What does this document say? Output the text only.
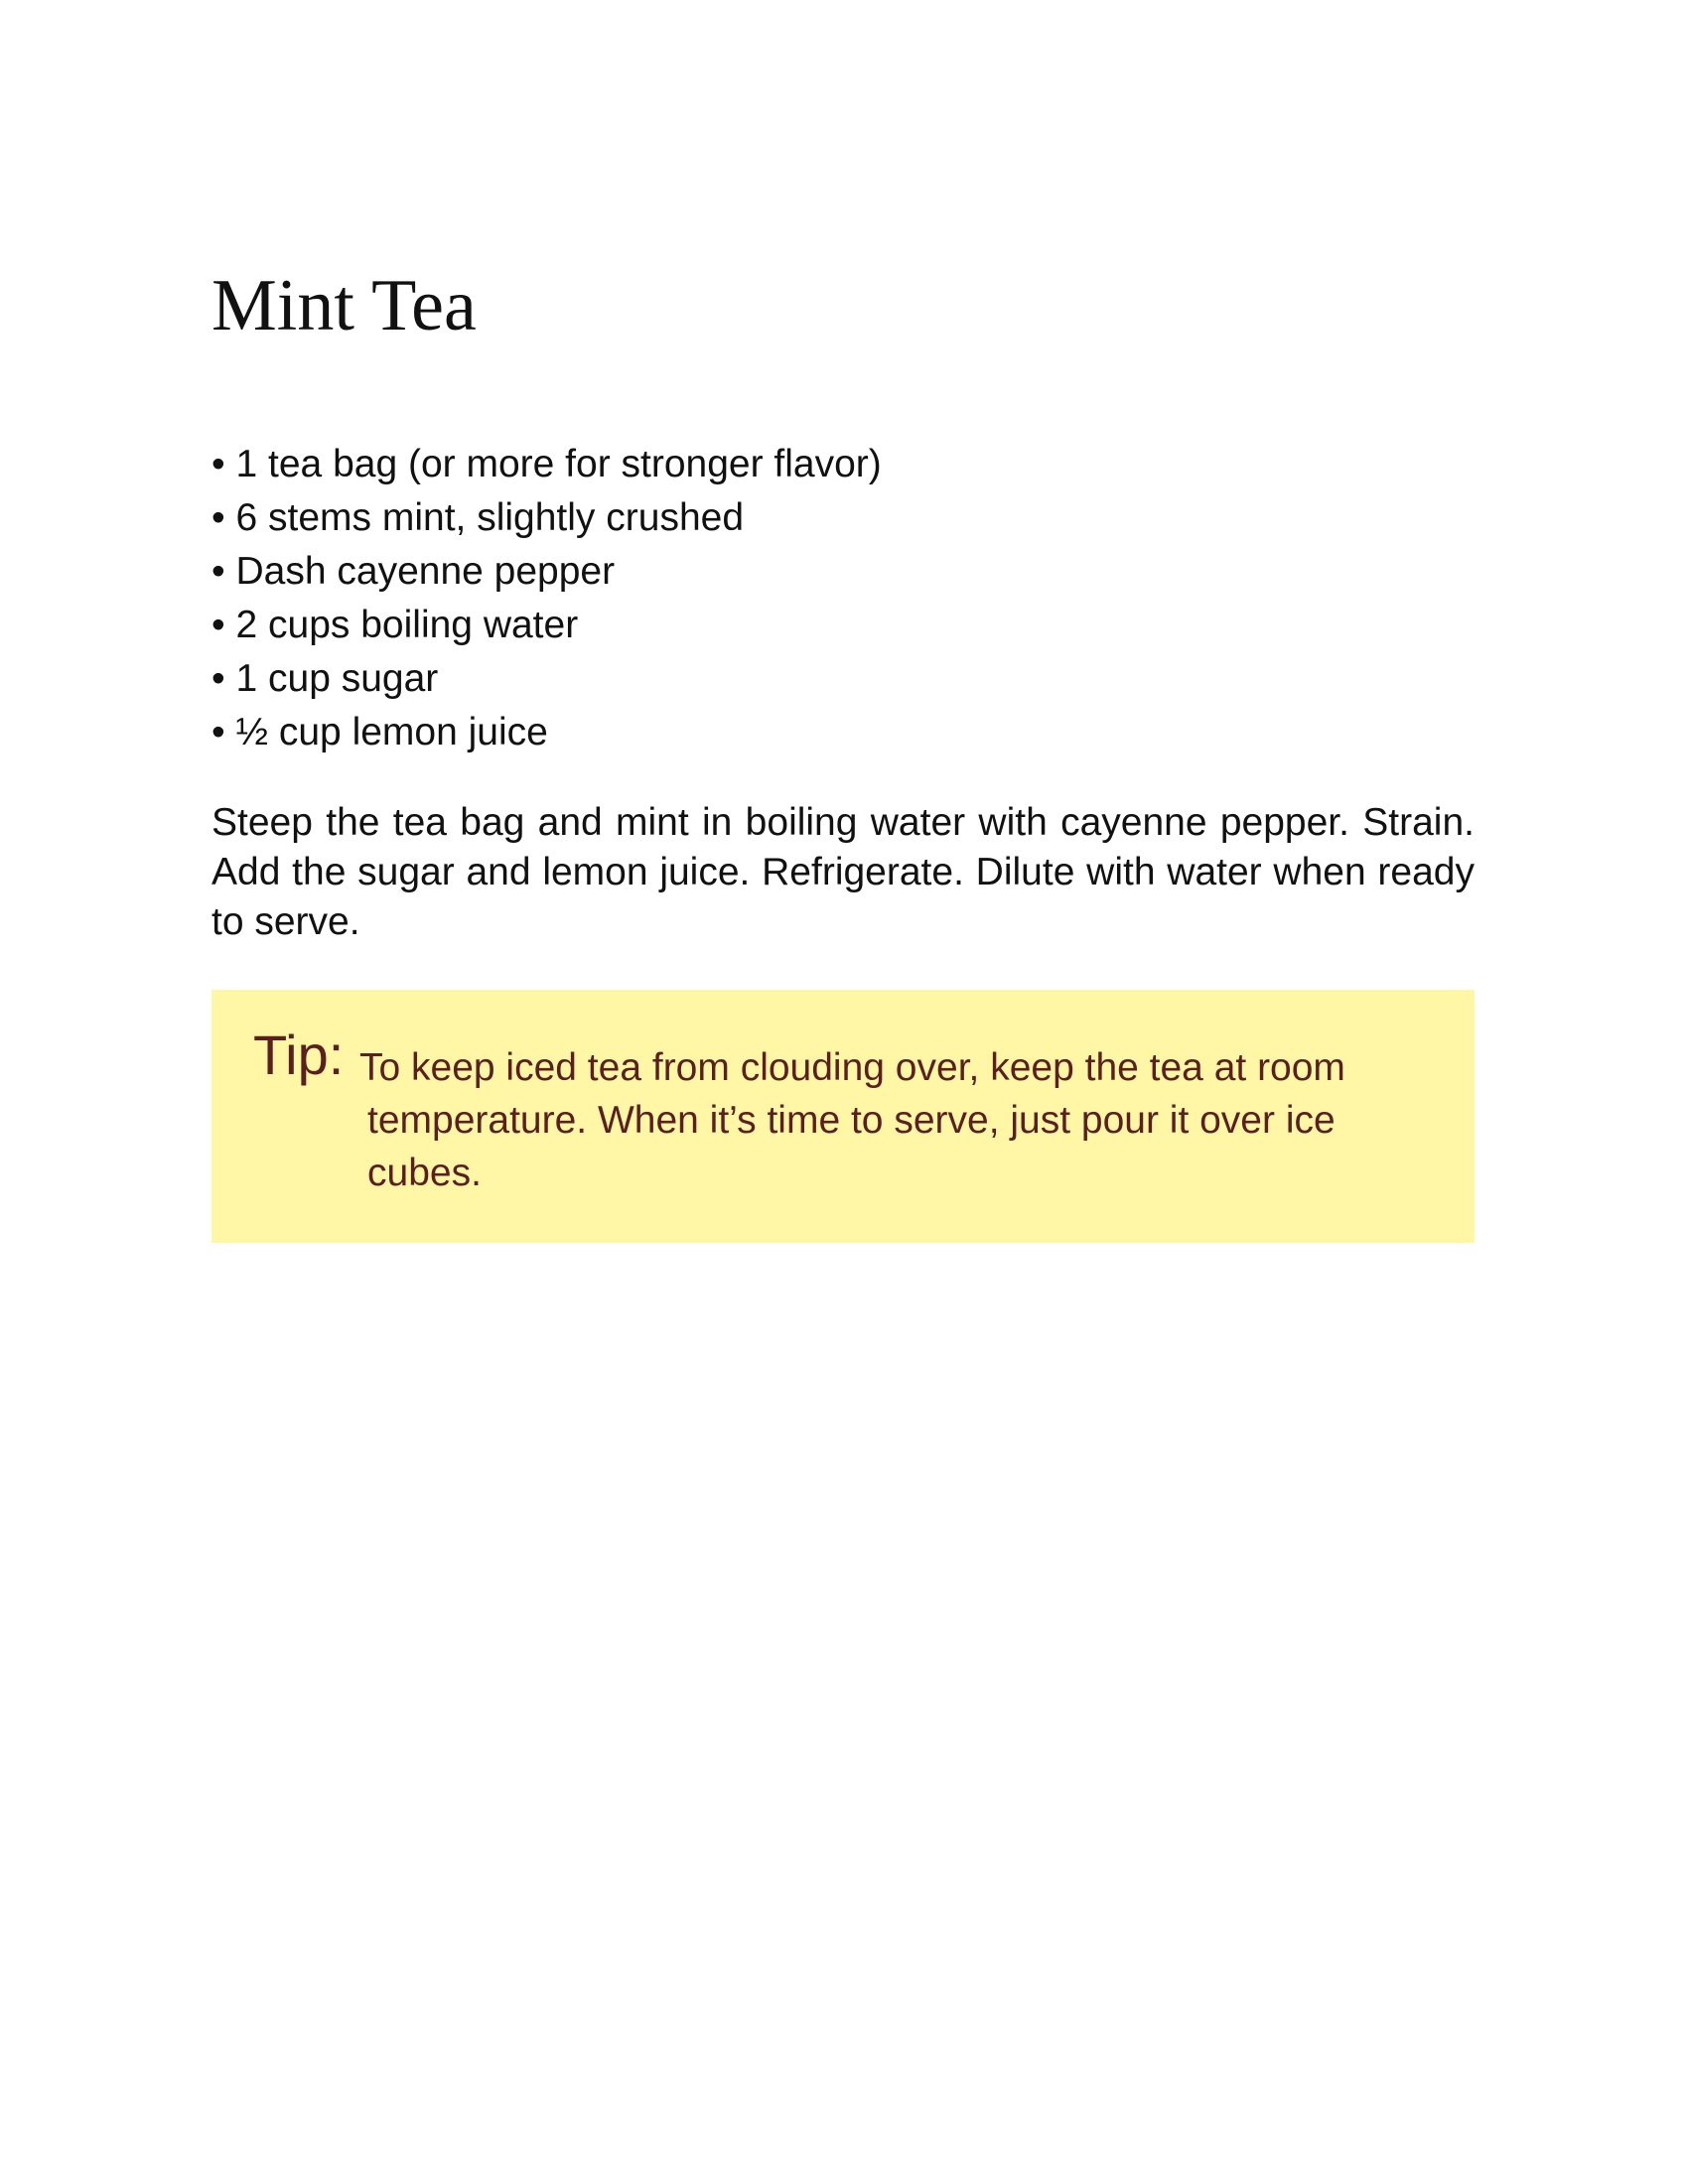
Mint Tea
• 1 tea bag (or more for stronger flavor)
• 6 stems mint, slightly crushed
• Dash cayenne pepper
• 2 cups boiling water
• 1 cup sugar
• ½ cup lemon juice

Steep the tea bag and mint in boiling water with cayenne pepper. Strain. Add the sugar and lemon juice. Refrigerate. Dilute with water when ready to serve.

Tip: To keep iced tea from clouding over, keep the tea at room temperature. When it’s time to serve, just pour it over ice cubes.
